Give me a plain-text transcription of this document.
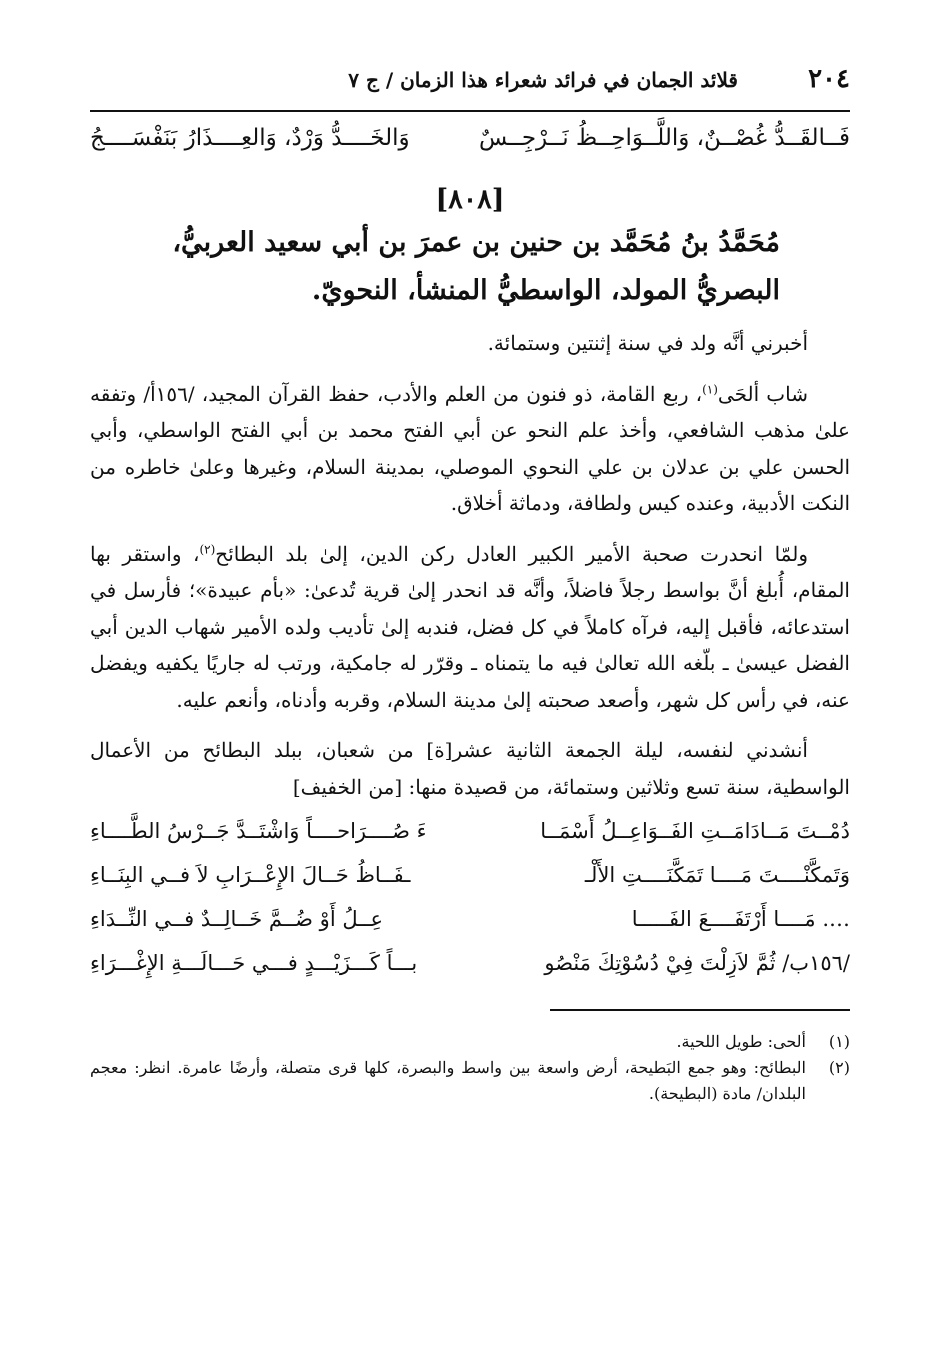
٢٠٤
قلائد الجمان في فرائد شعراء هذا الزمان / ج ٧
فَــالقَــدُّ غُصْــنٌ، وَاللَّــوَاحِــظُ نَــرْجِــسٌ
وَالخَــــدُّ وَرْدٌ، وَالعِــــذَارُ بَنَفْسَــــجُ
[٨٠٨]
مُحَمَّدُ بنُ مُحَمَّد بن حنين بن عمرَ بن أبي سعيد العربيُّ،
البصريُّ المولد، الواسطيُّ المنشأ، النحويّ.

أخبرني أنَّه ولد في سنة إثنتين وستمائة.

شاب ألحَى$^{(١)}$، ربع القامة، ذو فنون من العلم والأدب، حفظ القرآن المجيد، /١٥٦أ/ وتفقه علىٰ مذهب الشافعي، وأخذ علم النحو عن أبي الفتح محمد بن أبي الفتح الواسطي، وأبي الحسن علي بن عدلان بن علي النحوي الموصلي، بمدينة السلام، وغيرها وعلىٰ خاطره من النكت الأدبية، وعنده كيس ولطافة، ودماثة أخلاق.

ولمّا انحدرت صحبة الأمير الكبير العادل ركن الدين، إلىٰ بلد البطائح$^{(٢)}$، واستقر بها المقام، أُبلغ أنَّ بواسط رجلاً فاضلاً، وأنَّه قد انحدر إلىٰ قرية تُدعىٰ: «بأم عبيدة»؛ فأرسل في استدعائه، فأقبل إليه، فرآه كاملاً في كل فضل، فندبه إلىٰ تأديب ولده الأمير شهاب الدين أبي الفضل عيسىٰ ـ بلّغه الله تعالىٰ فيه ما يتمناه ـ وقرّر له جامكية، ورتب له جاريًا يكفيه ويفضل عنه، في رأس كل شهر، وأصعد صحبته إلىٰ مدينة السلام، وقربه وأدناه، وأنعم عليه.

أنشدني لنفسه، ليلة الجمعة الثانية عشر[ة] من شعبان، ببلد البطائح من الأعمال الواسطية، سنة تسع وثلاثين وستمائة، من قصيدة منها: [من الخفيف]

دُمْــتَ مَــادَامَــتِ الفَــوَاعِــلُ أَسْمَــا
ءَ صُــــرَاحــــاً وَاشْتَــدَّ جَــرْسُ الطَّــــاءِ
وَتَمكَّنْــــتَ مَــــا تَمَكَّنَــــتِ الأَلْـ
ـفَــاظُ حَــالَ الإِعْــرَابِ لاَ فــي البِنَــاءِ
…. مَــــا أَرْتَفَــــعَ الفَـــــا
عِــلُ أَوْ ضُــمَّ خَــالِــدٌ فــي النِّــدَاءِ
/١٥٦ب/ ثُمَّ لاَزِلْتَ فِيْ دُسُوْتِكَ مَنْصُو
بـــاً كَـــزَيْـــدٍ فـــي حَـــالَـــةِ الإِغْـــرَاءِ
(١)
ألحى: طويل اللحية.
(٢)
البطائح: وهو جمع البَطيحة، أرض واسعة بين واسط والبصرة، كلها قرى متصلة، وأرضًا عامرة. انظر: معجم البلدان/ مادة (البطيحة).
